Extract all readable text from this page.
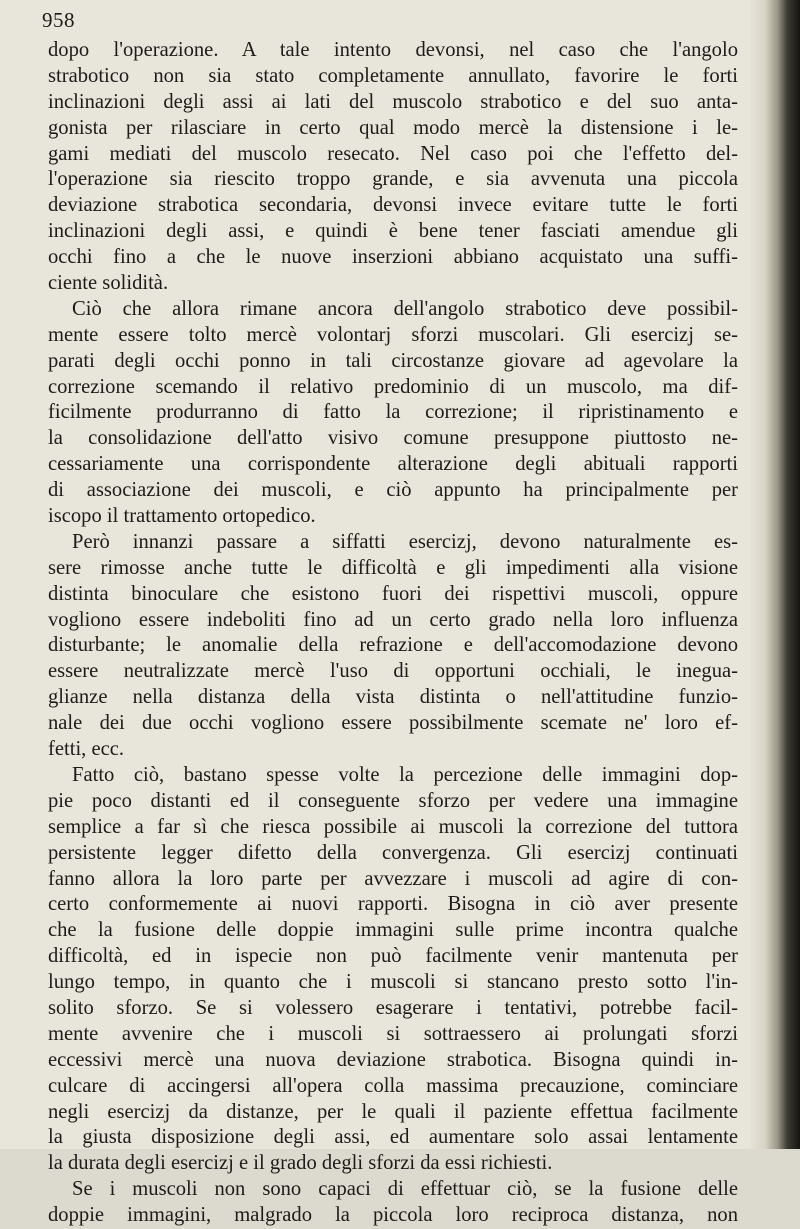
958
dopo l'operazione. A tale intento devonsi, nel caso che l'angolo
strabotico non sia stato completamente annullato, favorire le forti
inclinazioni degli assi ai lati del muscolo strabotico e del suo anta-
gonista per rilasciare in certo qual modo mercè la distensione i le-
gami mediati del muscolo resecato. Nel caso poi che l'effetto del-
l'operazione sia riescito troppo grande, e sia avvenuta una piccola
deviazione strabotica secondaria, devonsi invece evitare tutte le forti
inclinazioni degli assi, e quindi è bene tener fasciati amendue gli
occhi fino a che le nuove inserzioni abbiano acquistato una suffi-
ciente solidità.
Ciò che allora rimane ancora dell'angolo strabotico deve possibil-
mente essere tolto mercè volontarj sforzi muscolari. Gli esercizj se-
parati degli occhi ponno in tali circostanze giovare ad agevolare la
correzione scemando il relativo predominio di un muscolo, ma dif-
ficilmente produrranno di fatto la correzione; il ripristinamento e
la consolidazione dell'atto visivo comune presuppone piuttosto ne-
cessariamente una corrispondente alterazione degli abituali rapporti
di associazione dei muscoli, e ciò appunto ha principalmente per
iscopo il trattamento ortopedico.
Però innanzi passare a siffatti esercizj, devono naturalmente es-
sere rimosse anche tutte le difficoltà e gli impedimenti alla visione
distinta binoculare che esistono fuori dei rispettivi muscoli, oppure
vogliono essere indeboliti fino ad un certo grado nella loro influenza
disturbante; le anomalie della refrazione e dell'accomodazione devono
essere neutralizzate mercè l'uso di opportuni occhiali, le inegua-
glianze nella distanza della vista distinta o nell'attitudine funzio-
nale dei due occhi vogliono essere possibilmente scemate ne' loro ef-
fetti, ecc.
Fatto ciò, bastano spesse volte la percezione delle immagini dop-
pie poco distanti ed il conseguente sforzo per vedere una immagine
semplice a far sì che riesca possibile ai muscoli la correzione del tuttora
persistente legger difetto della convergenza. Gli esercizj continuati
fanno allora la loro parte per avvezzare i muscoli ad agire di con-
certo conformemente ai nuovi rapporti. Bisogna in ciò aver presente
che la fusione delle doppie immagini sulle prime incontra qualche
difficoltà, ed in ispecie non può facilmente venir mantenuta per
lungo tempo, in quanto che i muscoli si stancano presto sotto l'in-
solito sforzo. Se si volessero esagerare i tentativi, potrebbe facil-
mente avvenire che i muscoli si sottraessero ai prolungati sforzi
eccessivi mercè una nuova deviazione strabotica. Bisogna quindi in-
culcare di accingersi all'opera colla massima precauzione, cominciare
negli esercizj da distanze, per le quali il paziente effettua facilmente
la giusta disposizione degli assi, ed aumentare solo assai lentamente
la durata degli esercizj e il grado degli sforzi da essi richiesti.
Se i muscoli non sono capaci di effettuar ciò, se la fusione delle
doppie immagini, malgrado la piccola loro reciproca distanza, non
